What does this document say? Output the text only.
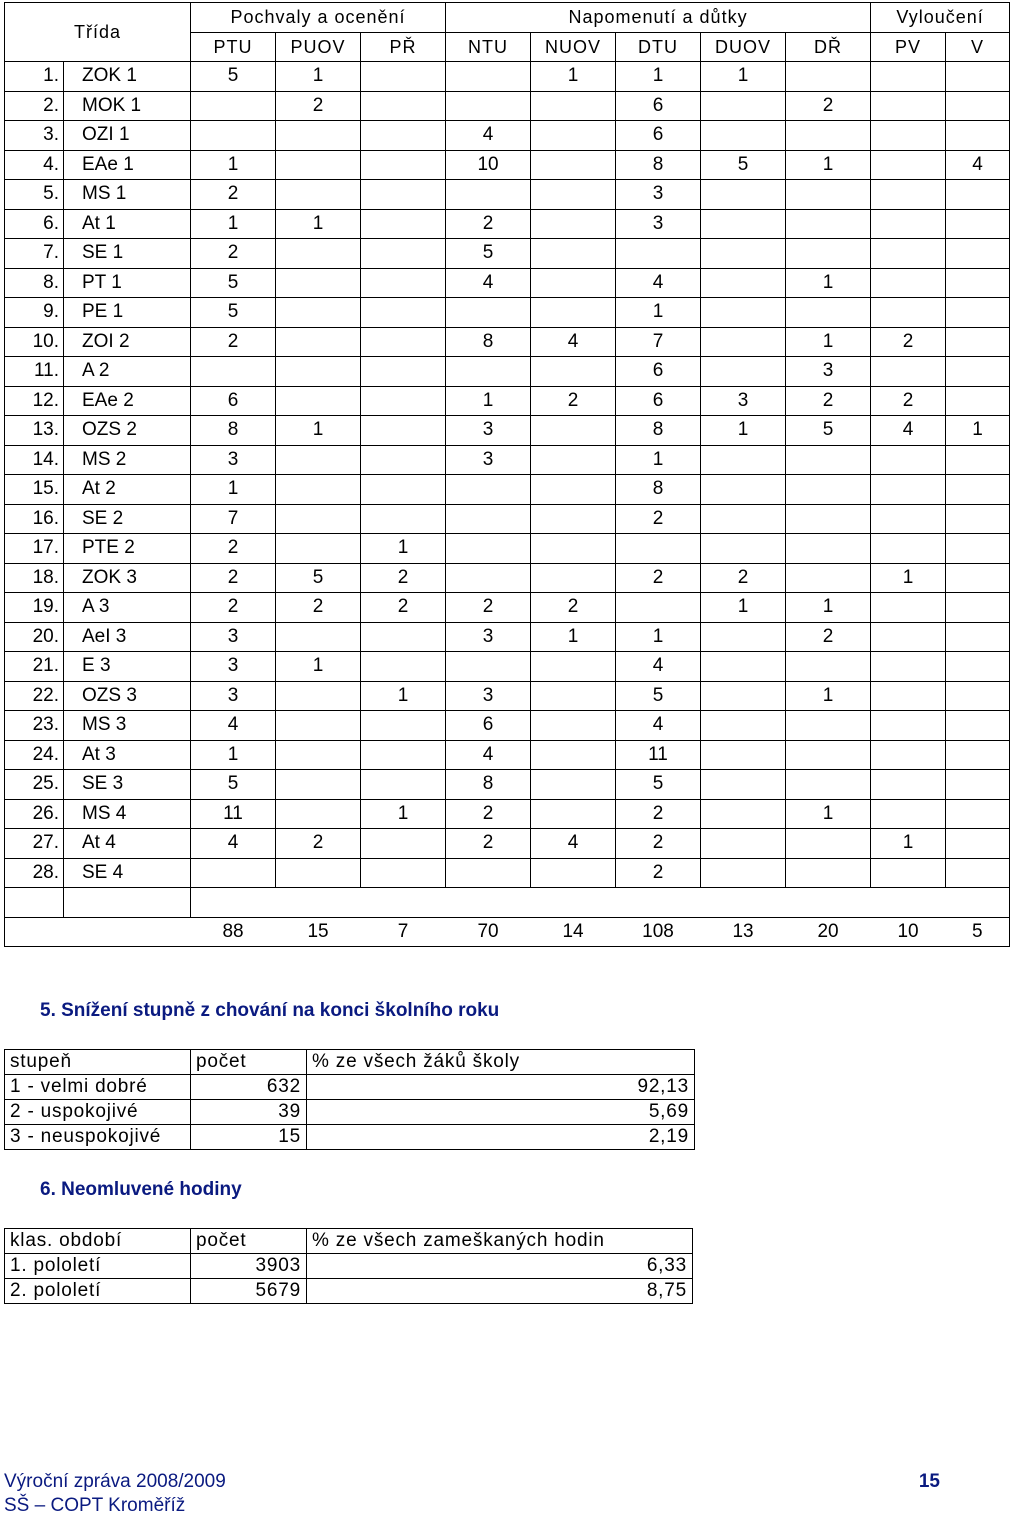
Třída		Pochvaly a ocenění			Napomenutí a důtky					Vyloučení	
		PTU	PUOV	PŘ	NTU	NUOV	DTU	DUOV	DŘ	PV	V
1.	ZOK 1	5	1			1	1	1			
2.	MOK 1		2				6		2		
3.	OZI 1				4		6				
4.	EAe 1	1			10		8	5	1		4
5.	MS 1	2					3				
6.	At 1	1	1		2		3				
7.	SE 1	2			5						
8.	PT 1	5			4		4		1		
9.	PE 1	5					1				
10.	ZOI 2	2			8	4	7		1	2	
11.	A 2						6		3		
12.	EAe 2	6			1	2	6	3	2	2	
13.	OZS 2	8	1		3		8	1	5	4	1
14.	MS 2	3			3		1				
15.	At 2	1					8				
16.	SE 2	7					2				
17.	PTE 2	2		1							
18.	ZOK 3	2	5	2			2	2		1	
19.	A 3	2	2	2	2	2		1	1		
20.	AeI 3	3			3	1	1		2		
21.	E 3	3	1				4				
22.	OZS 3	3		1	3		5		1		
23.	MS 3	4			6		4				
24.	At 3	1			4		11				
25.	SE 3	5			8		5				
26.	MS 4	11		1	2		2		1		
27.	At 4	4	2		2	4	2			1	
28.	SE 4						2				

		88	15	7	70	14	108	13	20	10	5
5. Snížení stupně z chování na konci školního roku
stupeň	počet	% ze všech žáků školy
1 - velmi dobré	632	92,13
2 - uspokojivé	39	5,69
3 - neuspokojivé	15	2,19
6. Neomluvené hodiny
klas. období	počet	% ze všech zameškaných hodin
1. pololetí	3903	6,33
2. pololetí	5679	8,75
Výroční zpráva 2008/2009
SŠ – COPT Kroměříž
15
